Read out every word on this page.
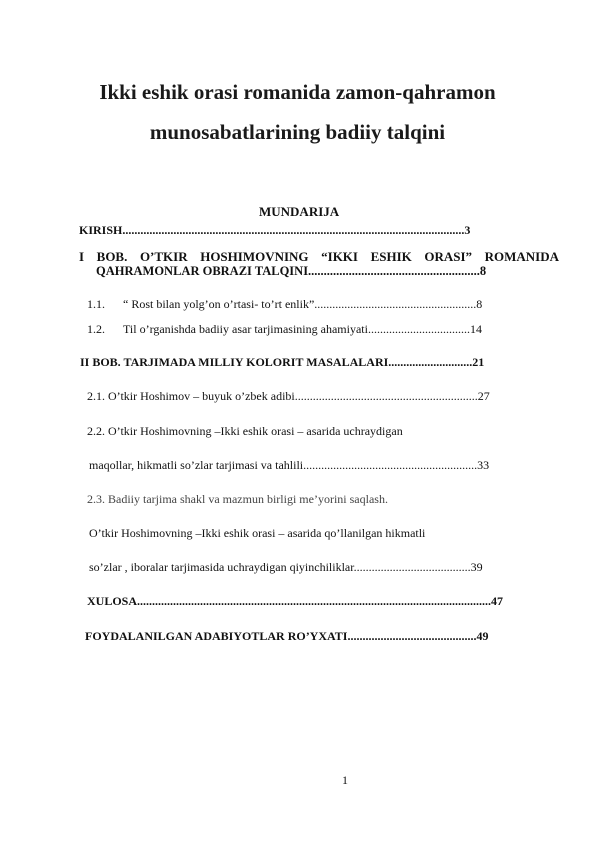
Ikki eshik orasi romanida zamon-qahramon
munosabatlarining badiiy talqini
MUNDARIJA
KIRISH..................................................................................................................3
I BOB. O’TKIR HOSHIMOVNING “IKKI ESHIK ORASI” ROMANIDA
QAHRAMONLAR OBRAZI TALQINI.......................................................8
1.1. “ Rost bilan yolg’on o’rtasi- to’rt enlik”......................................................8
1.2. Til o’rganishda badiiy asar tarjimasining ahamiyati..................................14
II BOB. TARJIMADA MILLIY KOLORIT MASALALARI............................21
2.1. O’tkir Hoshimov – buyuk o’zbek adibi.............................................................27
2.2. O’tkir Hoshimovning ‒Ikki eshik orasi ‒ asarida uchraydigan
maqollar, hikmatli so’zlar tarjimasi va tahlili..........................................................33
2.3. Badiiy tarjima shakl va mazmun birligi me’yorini saqlash.
O’tkir Hoshimovning ‒Ikki eshik orasi ‒ asarida qo’llanilgan hikmatli
so’zlar , iboralar tarjimasida uchraydigan qiyinchiliklar.......................................39
XULOSA......................................................................................................................47
FOYDALANILGAN ADABIYOTLAR RO’YXATI...........................................49
1
